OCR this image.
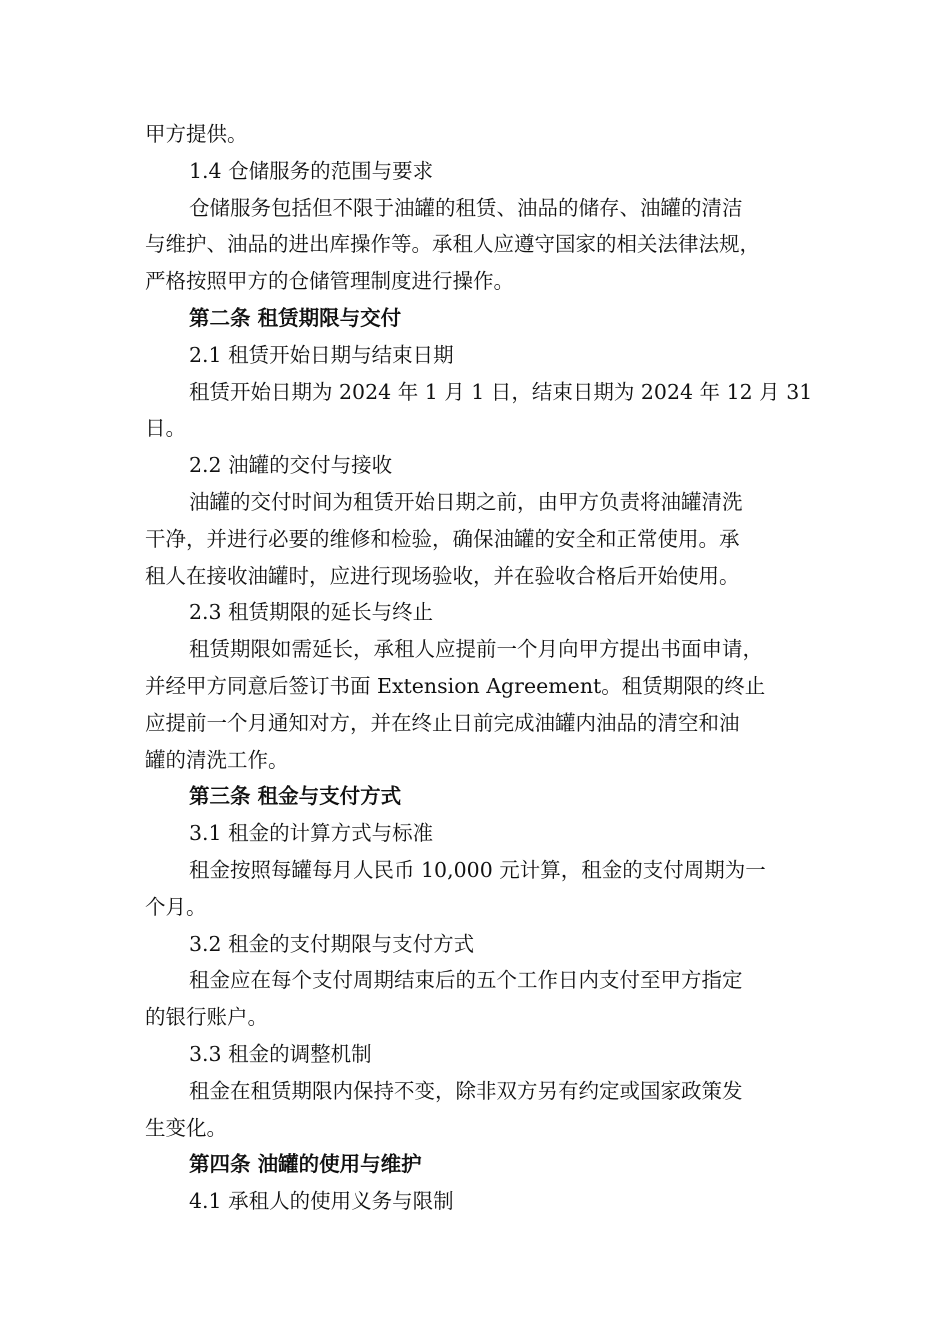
甲方提供。
1.4 仓储服务的范围与要求
仓储服务包括但不限于油罐的租赁、油品的储存、油罐的清洁
与维护、油品的进出库操作等。承租人应遵守国家的相关法律法规，
严格按照甲方的仓储管理制度进行操作。
第二条 租赁期限与交付
2.1 租赁开始日期与结束日期
租赁开始日期为 2024 年 1 月 1 日，结束日期为 2024 年 12 月 31
日。
2.2 油罐的交付与接收
油罐的交付时间为租赁开始日期之前，由甲方负责将油罐清洗
干净，并进行必要的维修和检验，确保油罐的安全和正常使用。承
租人在接收油罐时，应进行现场验收，并在验收合格后开始使用。
2.3 租赁期限的延长与终止
租赁期限如需延长，承租人应提前一个月向甲方提出书面申请，
并经甲方同意后签订书面 Extension Agreement。租赁期限的终止
应提前一个月通知对方，并在终止日前完成油罐内油品的清空和油
罐的清洗工作。
第三条 租金与支付方式
3.1 租金的计算方式与标准
租金按照每罐每月人民币 10,000 元计算，租金的支付周期为一
个月。
3.2 租金的支付期限与支付方式
租金应在每个支付周期结束后的五个工作日内支付至甲方指定
的银行账户。
3.3 租金的调整机制
租金在租赁期限内保持不变，除非双方另有约定或国家政策发
生变化。
第四条 油罐的使用与维护
4.1 承租人的使用义务与限制
